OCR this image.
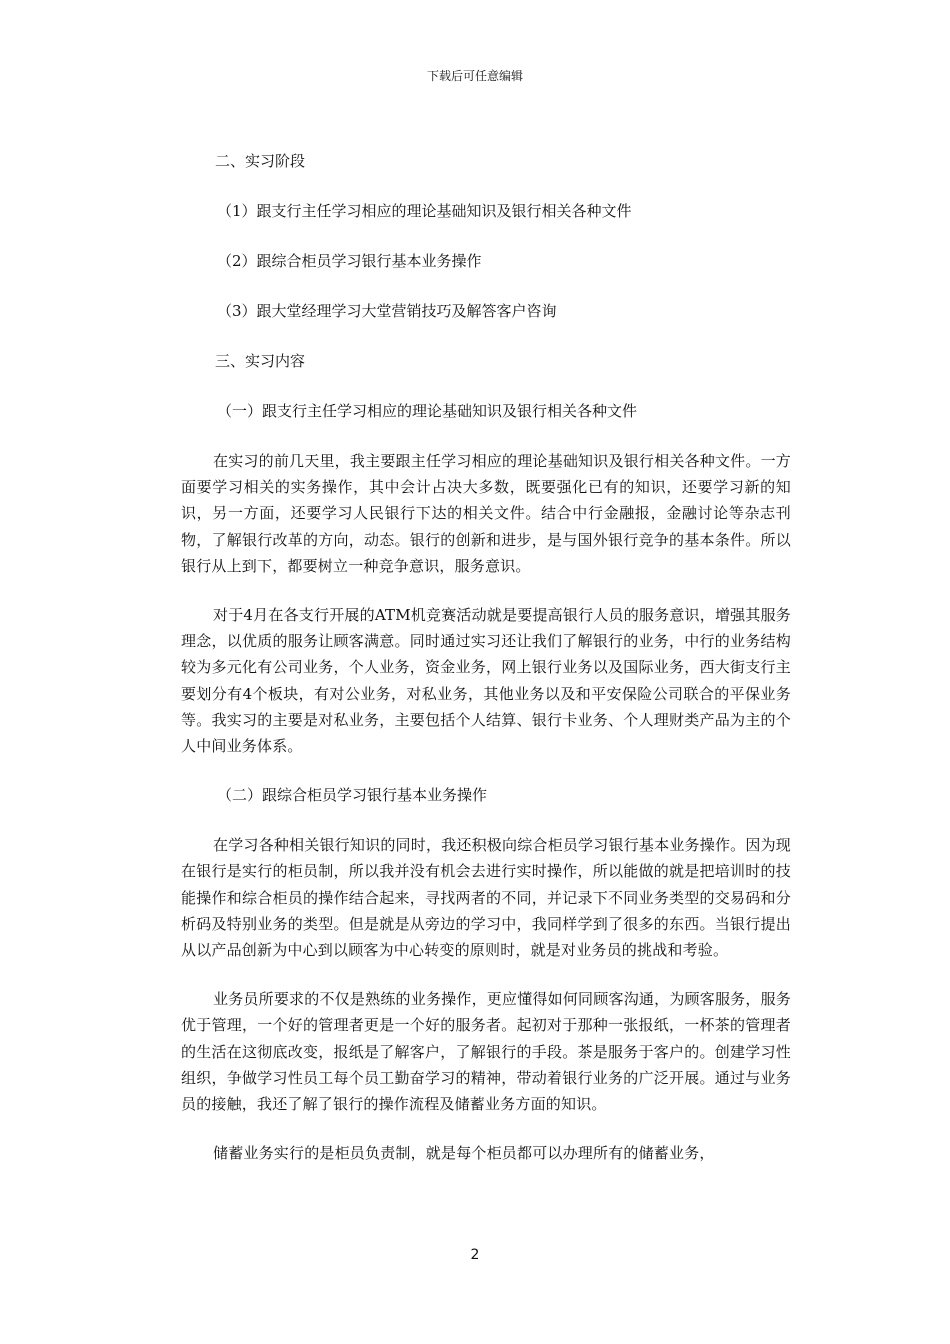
下载后可任意编辑
二、实习阶段
（1）跟支行主任学习相应的理论基础知识及银行相关各种文件
（2）跟综合柜员学习银行基本业务操作
（3）跟大堂经理学习大堂营销技巧及解答客户咨询
三、实习内容
（一）跟支行主任学习相应的理论基础知识及银行相关各种文件

在实习的前几天里，我主要跟主任学习相应的理论基础知识及银行相关各种文件。一方面要学习相关的实务操作，其中会计占决大多数，既要强化已有的知识，还要学习新的知识，另一方面，还要学习人民银行下达的相关文件。结合中行金融报，金融讨论等杂志刊物，了解银行改革的方向，动态。银行的创新和进步，是与国外银行竞争的基本条件。所以银行从上到下，都要树立一种竞争意识，服务意识。

对于4月在各支行开展的ATM机竞赛活动就是要提高银行人员的服务意识，增强其服务理念，以优质的服务让顾客满意。同时通过实习还让我们了解银行的业务，中行的业务结构较为多元化有公司业务，个人业务，资金业务，网上银行业务以及国际业务，西大街支行主要划分有4个板块，有对公业务，对私业务，其他业务以及和平安保险公司联合的平保业务等。我实习的主要是对私业务，主要包括个人结算、银行卡业务、个人理财类产品为主的个人中间业务体系。

（二）跟综合柜员学习银行基本业务操作

在学习各种相关银行知识的同时，我还积极向综合柜员学习银行基本业务操作。因为现在银行是实行的柜员制，所以我并没有机会去进行实时操作，所以能做的就是把培训时的技能操作和综合柜员的操作结合起来，寻找两者的不同，并记录下不同业务类型的交易码和分析码及特别业务的类型。但是就是从旁边的学习中，我同样学到了很多的东西。当银行提出从以产品创新为中心到以顾客为中心转变的原则时，就是对业务员的挑战和考验。

业务员所要求的不仅是熟练的业务操作，更应懂得如何同顾客沟通，为顾客服务，服务优于管理，一个好的管理者更是一个好的服务者。起初对于那种一张报纸，一杯茶的管理者的生活在这彻底改变，报纸是了解客户，了解银行的手段。茶是服务于客户的。创建学习性组织，争做学习性员工每个员工勤奋学习的精神，带动着银行业务的广泛开展。通过与业务员的接触，我还了解了银行的操作流程及储蓄业务方面的知识。

储蓄业务实行的是柜员负责制，就是每个柜员都可以办理所有的储蓄业务，

2
